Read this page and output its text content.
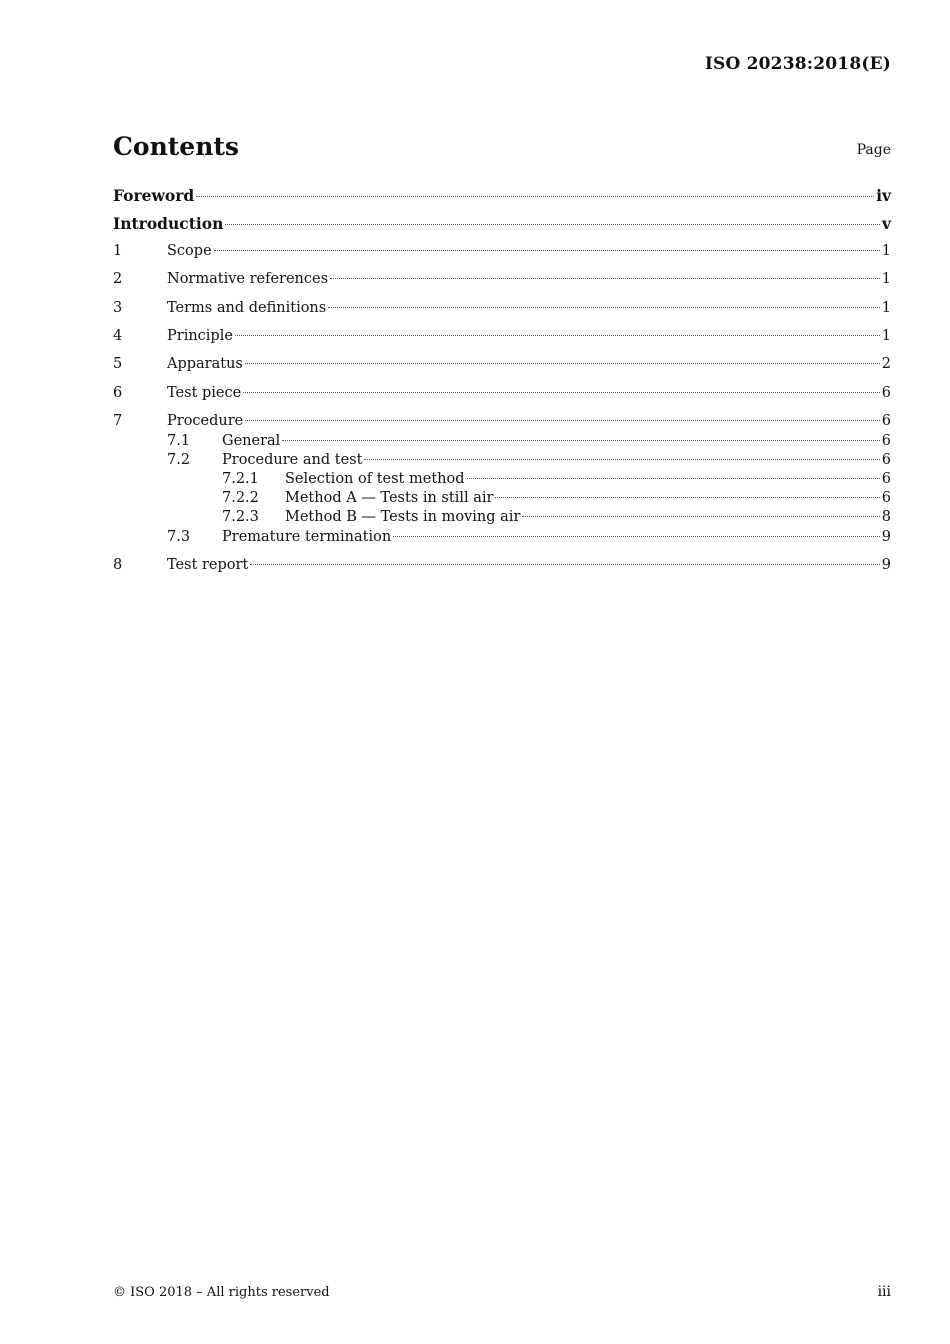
ISO 20238:2018(E)
Contents	Page
Foreword	iv
Introduction	v
1	Scope	1
2	Normative references	1
3	Terms and definitions	1
4	Principle	1
5	Apparatus	2
6	Test piece	6
7	Procedure	6
7.1	General	6
7.2	Procedure and test	6
7.2.1	Selection of test method	6
7.2.2	Method A — Tests in still air	6
7.2.3	Method B — Tests in moving air	8
7.3	Premature termination	9
8	Test report	9
© ISO 2018 – All rights reserved	iii
